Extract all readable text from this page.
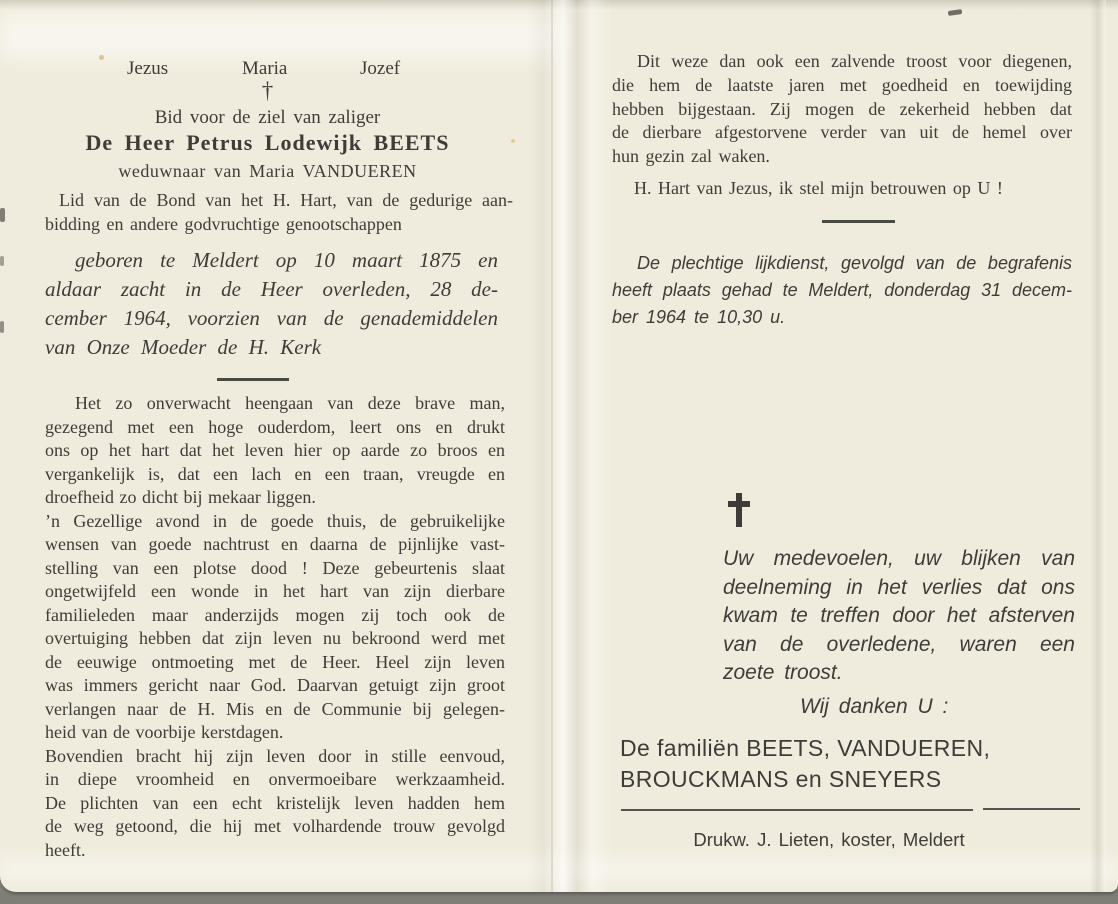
Jezus	Maria	Jozef
†
Bid voor de ziel van zaliger
De Heer Petrus Lodewijk BEETS
weduwnaar van Maria VANDUEREN
Lid van de Bond van het H. Hart, van de gedurige aan-
bidding en andere godvruchtige genootschappen
geboren te Meldert op 10 maart 1875 en
aldaar zacht in de Heer overleden, 28 de-
cember 1964, voorzien van de genademiddelen
van Onze Moeder de H. Kerk
Het zo onverwacht heengaan van deze brave man,
gezegend met een hoge ouderdom, leert ons en drukt
ons op het hart dat het leven hier op aarde zo broos en
vergankelijk is, dat een lach en een traan, vreugde en
droefheid zo dicht bij mekaar liggen.
’n Gezellige avond in de goede thuis, de gebruikelijke
wensen van goede nachtrust en daarna de pijnlijke vast-
stelling van een plotse dood ! Deze gebeurtenis slaat
ongetwijfeld een wonde in het hart van zijn dierbare
familieleden maar anderzijds mogen zij toch ook de
overtuiging hebben dat zijn leven nu bekroond werd met
de eeuwige ontmoeting met de Heer. Heel zijn leven
was immers gericht naar God. Daarvan getuigt zijn groot
verlangen naar de H. Mis en de Communie bij gelegen-
heid van de voorbije kerstdagen.
Bovendien bracht hij zijn leven door in stille eenvoud,
in diepe vroomheid en onvermoeibare werkzaamheid.
De plichten van een echt kristelijk leven hadden hem
de weg getoond, die hij met volhardende trouw gevolgd
heeft.
Dit weze dan ook een zalvende troost voor diegenen,
die hem de laatste jaren met goedheid en toewijding
hebben bijgestaan. Zij mogen de zekerheid hebben dat
de dierbare afgestorvene verder van uit de hemel over
hun gezin zal waken.
H. Hart van Jezus, ik stel mijn betrouwen op U !
De plechtige lijkdienst, gevolgd van de begrafenis
heeft plaats gehad te Meldert, donderdag 31 decem-
ber 1964 te 10,30 u.
Uw medevoelen, uw blijken van
deelneming in het verlies dat ons
kwam te treffen door het afsterven
van de overledene, waren een
zoete troost.
Wij danken U :
De familiën BEETS, VANDUEREN,
BROUCKMANS en SNEYERS
Drukw. J. Lieten, koster, Meldert
